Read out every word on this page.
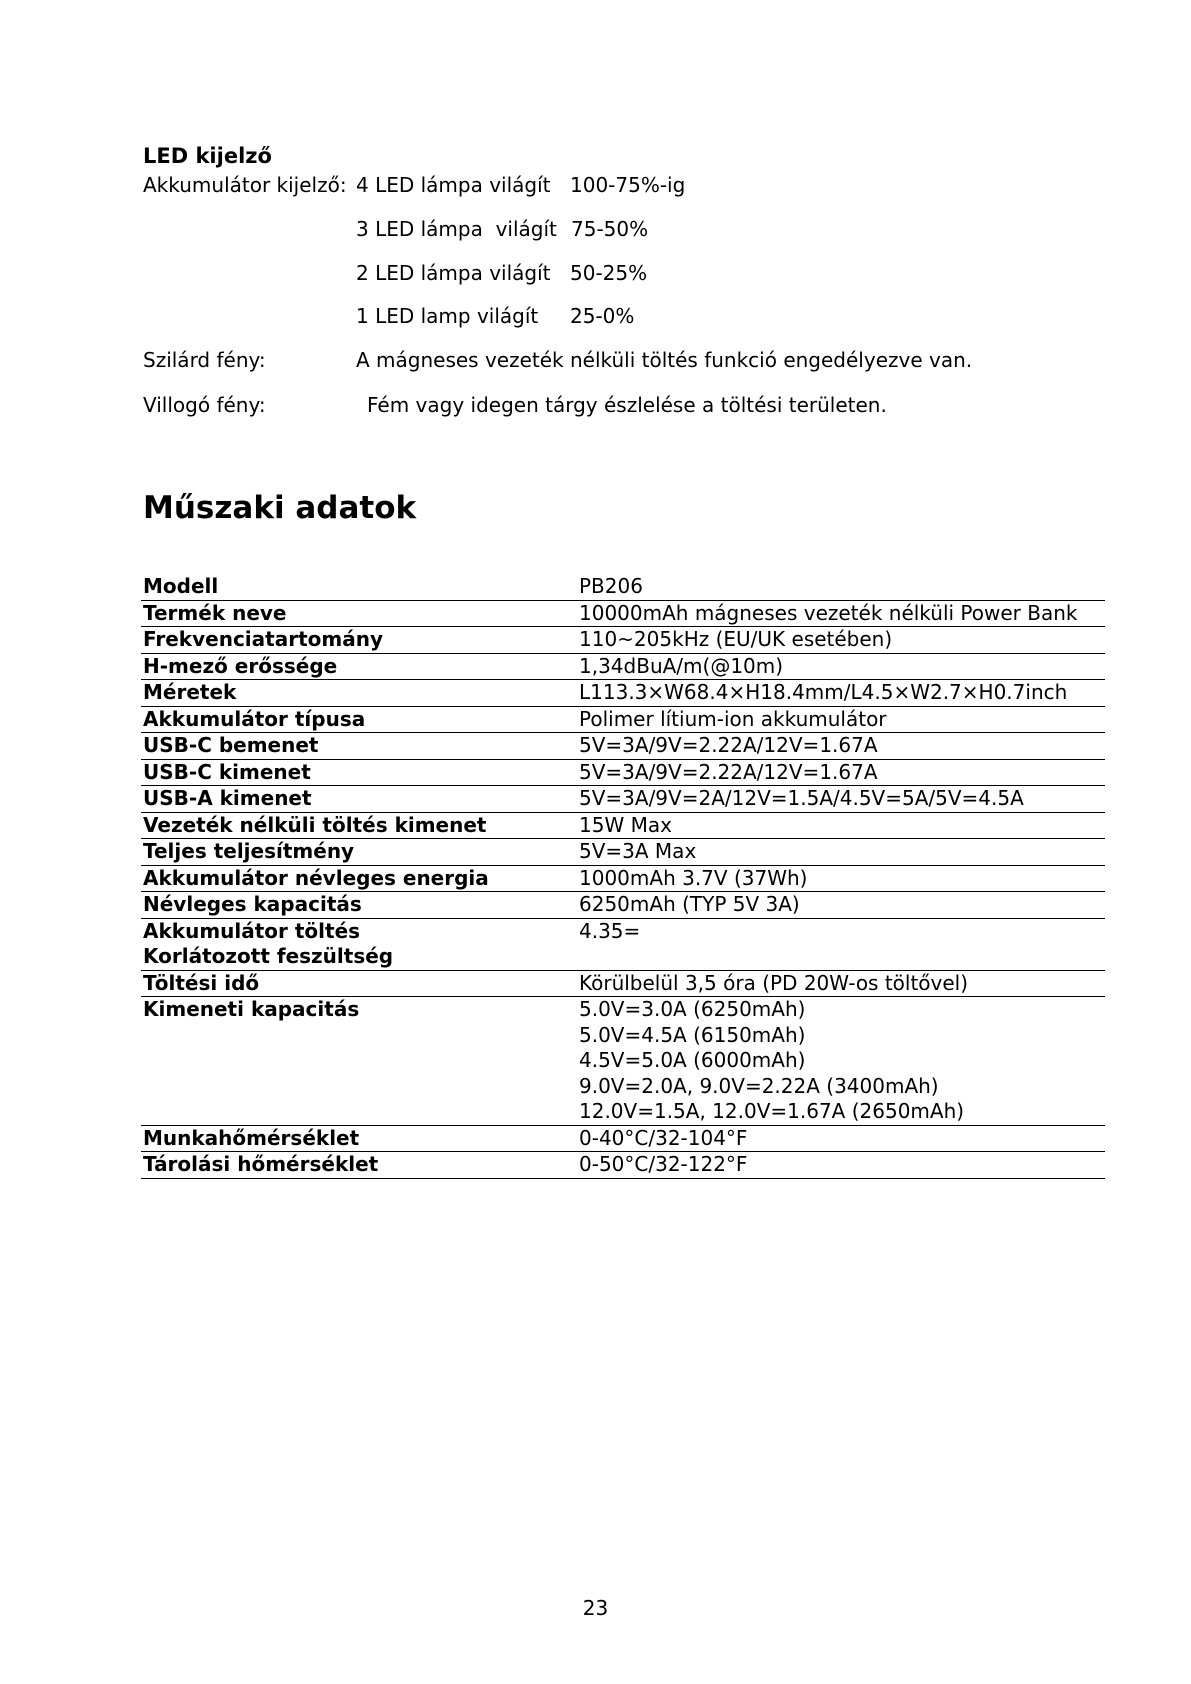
LED kijelző
Akkumulátor kijelző: 4 LED lámpa világít 100-75%-ig
3 LED lámpa  világít 75-50%
2 LED lámpa világít 50-25%
1 LED lamp világít 25-0%
Szilárd fény:	A mágneses vezeték nélküli töltés funkció engedélyezve van.
Villogó fény:	Fém vagy idegen tárgy észlelése a töltési területen.
Műszaki adatok
Modell	PB206
Termék neve	10000mAh mágneses vezeték nélküli Power Bank
Frekvenciatartomány	110~205kHz (EU/UK esetében)
H-mező erőssége	1,34dBuA/m(@10m)
Méretek	L113.3×W68.4×H18.4mm/L4.5×W2.7×H0.7inch
Akkumulátor típusa	Polimer lítium-ion akkumulátor
USB-C bemenet	5V=3A/9V=2.22A/12V=1.67A
USB-C kimenet	5V=3A/9V=2.22A/12V=1.67A
USB-A kimenet	5V=3A/9V=2A/12V=1.5A/4.5V=5A/5V=4.5A
Vezeték nélküli töltés kimenet	15W Max
Teljes teljesítmény	5V=3A Max
Akkumulátor névleges energia	1000mAh 3.7V (37Wh)
Névleges kapacitás	6250mAh (TYP 5V 3A)

Akkumulátor töltés
Korlátozott feszültség	4.35=
Töltési idő	Körülbelül 3,5 óra (PD 20W-os töltővel)
Kimeneti kapacitás	5.0V=3.0A (6250mAh)
5.0V=4.5A (6150mAh)
4.5V=5.0A (6000mAh)
9.0V=2.0A, 9.0V=2.22A (3400mAh)
12.0V=1.5A, 12.0V=1.67A (2650mAh)

Munkahőmérséklet	0-40°C/32-104°F
Tárolási hőmérséklet	0-50°C/32-122°F
23
